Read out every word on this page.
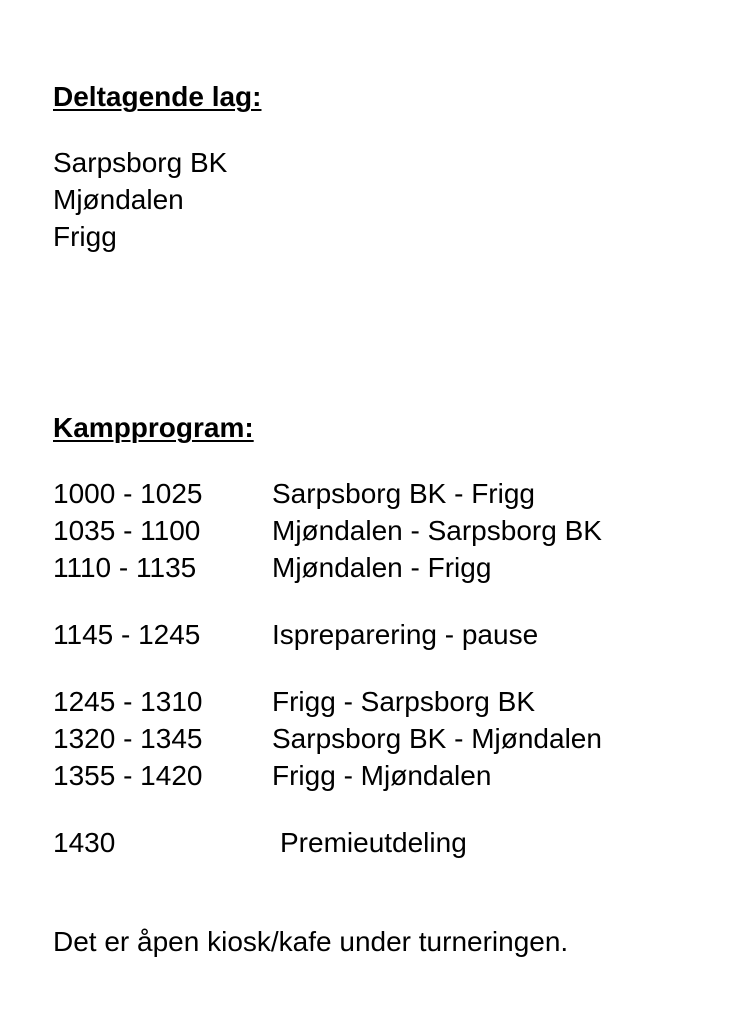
Deltagende lag:
Sarpsborg BK
Mjøndalen
Frigg
Kampprogram:
1000 - 1025	Sarpsborg BK - Frigg
1035 - 1100	Mjøndalen - Sarpsborg BK
1110 - 1135	Mjøndalen - Frigg
1145 - 1245	Ispreparering - pause
1245 - 1310	Frigg - Sarpsborg BK
1320 - 1345	Sarpsborg BK - Mjøndalen
1355 - 1420	Frigg - Mjøndalen
1430	Premieutdeling
Det er åpen kiosk/kafe under turneringen.
